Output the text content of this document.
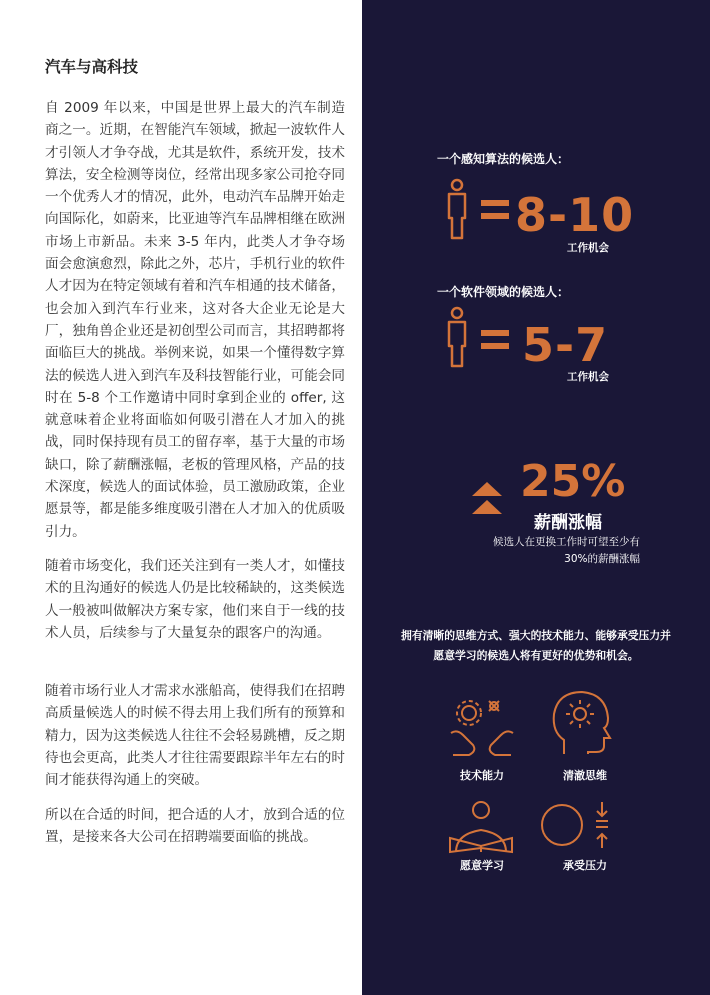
汽车与高科技

自 2009 年以来，中国是世界上最大的汽车制造商之一。近期，在智能汽车领域，掀起一波软件人才引领人才争夺战，尤其是软件，系统开发，技术算法，安全检测等岗位，经常出现多家公司抢夺同一个优秀人才的情况，此外，电动汽车品牌开始走向国际化，如蔚来，比亚迪等汽车品牌相继在欧洲市场上市新品。未来 3-5 年内，此类人才争夺场面会愈演愈烈，除此之外，芯片，手机行业的软件人才因为在特定领域有着和汽车相通的技术储备，也会加入到汽车行业来，这对各大企业无论是大厂，独角兽企业还是初创型公司而言，其招聘都将面临巨大的挑战。举例来说，如果一个懂得数字算法的候选人进入到汽车及科技智能行业，可能会同时在 5-8 个工作邀请中同时拿到企业的 offer, 这就意味着企业将面临如何吸引潜在人才加入的挑战，同时保持现有员工的留存率，基于大量的市场缺口，除了薪酬涨幅，老板的管理风格，产品的技术深度，候选人的面试体验，员工激励政策，企业愿景等，都是能多维度吸引潜在人才加入的优质吸引力。

随着市场变化，我们还关注到有一类人才，如懂技术的且沟通好的候选人仍是比较稀缺的，这类候选人一般被叫做解决方案专家，他们来自于一线的技术人员，后续参与了大量复杂的跟客户的沟通。

随着市场行业人才需求水涨船高，使得我们在招聘高质量候选人的时候不得去用上我们所有的预算和精力，因为这类候选人往往不会轻易跳槽，反之期待也会更高，此类人才往往需要跟踪半年左右的时间才能获得沟通上的突破。

所以在合适的时间，把合适的人才，放到合适的位置，是接来各大公司在招聘端要面临的挑战。

一个感知算法的候选人：
8-10
工作机会
一个软件领域的候选人：
5-7
工作机会
25%
薪酬涨幅
候选人在更换工作时可望至少有
30%的薪酬涨幅
拥有清晰的思维方式、强大的技术能力、能够承受压力并
愿意学习的候选人将有更好的优势和机会。
技术能力	清澈思维
愿意学习	承受压力
